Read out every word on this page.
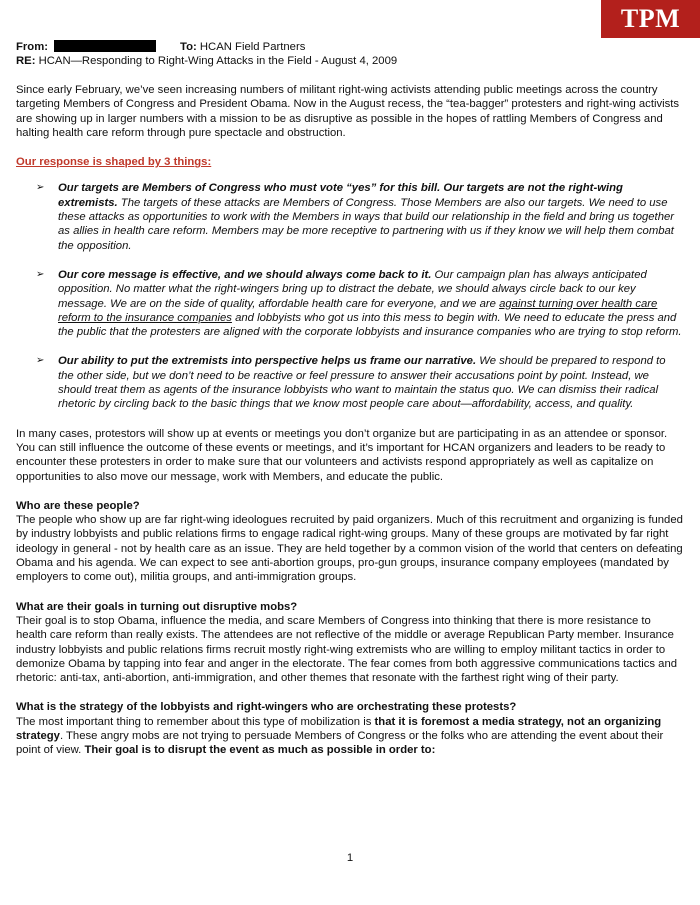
TPM
From:	To: HCAN Field Partners
RE: HCAN—Responding to Right-Wing Attacks in the Field - August 4, 2009

Since early February, we’ve seen increasing numbers of militant right-wing activists attending public meetings across the country targeting Members of Congress and President Obama. Now in the August recess, the “tea-bagger” protesters and right-wing activists are showing up in larger numbers with a mission to be as disruptive as possible in the hopes of rattling Members of Congress and halting health care reform through pure spectacle and obstruction.

Our response is shaped by 3 things:
➢ Our targets are Members of Congress who must vote “yes” for this bill. Our targets are not the right-wing extremists. The targets of these attacks are Members of Congress. Those Members are also our targets. We need to use these attacks as opportunities to work with the Members in ways that build our relationship in the field and bring us together as allies in health care reform. Members may be more receptive to partnering with us if they know we will help them combat the opposition.
➢ Our core message is effective, and we should always come back to it. Our campaign plan has always anticipated opposition. No matter what the right-wingers bring up to distract the debate, we should always circle back to our key message. We are on the side of quality, affordable health care for everyone, and we are against turning over health care reform to the insurance companies and lobbyists who got us into this mess to begin with. We need to educate the press and the public that the protesters are aligned with the corporate lobbyists and insurance companies who are trying to stop reform.
➢ Our ability to put the extremists into perspective helps us frame our narrative. We should be prepared to respond to the other side, but we don’t need to be reactive or feel pressure to answer their accusations point by point. Instead, we should treat them as agents of the insurance lobbyists who want to maintain the status quo. We can dismiss their radical rhetoric by circling back to the basic things that we know most people care about—affordability, access, and quality.

In many cases, protestors will show up at events or meetings you don’t organize but are participating in as an attendee or sponsor. You can still influence the outcome of these events or meetings, and it’s important for HCAN organizers and leaders to be ready to encounter these protesters in order to make sure that our volunteers and activists respond appropriately as well as capitalize on opportunities to also move our message, work with Members, and educate the public.

Who are these people?
The people who show up are far right-wing ideologues recruited by paid organizers. Much of this recruitment and organizing is funded by industry lobbyists and public relations firms to engage radical right-wing groups. Many of these groups are motivated by far right ideology in general - not by health care as an issue. They are held together by a common vision of the world that centers on defeating Obama and his agenda. We can expect to see anti-abortion groups, pro-gun groups, insurance company employees (mandated by employers to come out), militia groups, and anti-immigration groups.

What are their goals in turning out disruptive mobs?
Their goal is to stop Obama, influence the media, and scare Members of Congress into thinking that there is more resistance to health care reform than really exists. The attendees are not reflective of the middle or average Republican Party member. Insurance industry lobbyists and public relations firms recruit mostly right-wing extremists who are willing to employ militant tactics in order to demonize Obama by tapping into fear and anger in the electorate. The fear comes from both aggressive communications tactics and rhetoric: anti-tax, anti-abortion, anti-immigration, and other themes that resonate with the farthest right wing of their party.

What is the strategy of the lobbyists and right-wingers who are orchestrating these protests?
The most important thing to remember about this type of mobilization is that it is foremost a media strategy, not an organizing strategy. These angry mobs are not trying to persuade Members of Congress or the folks who are attending the event about their point of view. Their goal is to disrupt the event as much as possible in order to:

1
